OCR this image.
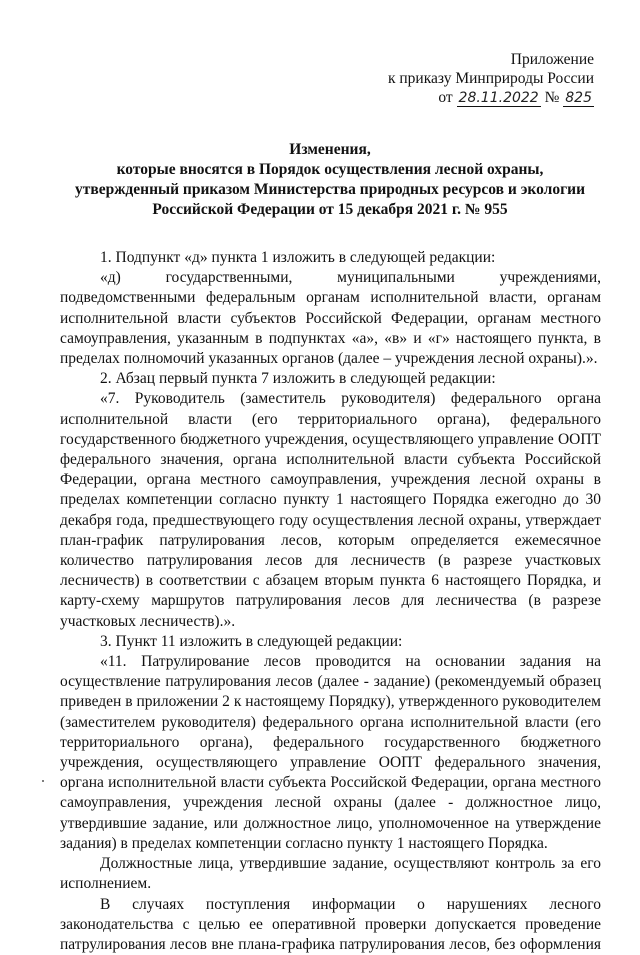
Приложение
к приказу Минприроды России
от 28.11.2022 № 825
Изменения,
которые вносятся в Порядок осуществления лесной охраны,
утвержденный приказом Министерства природных ресурсов и экологии
Российской Федерации от 15 декабря 2021 г. № 955

1. Подпункт «д» пункта 1 изложить в следующей редакции:

«д) государственными, муниципальными учреждениями, подведомственными федеральным органам исполнительной власти, органам исполнительной власти субъектов Российской Федерации, органам местного самоуправления, указанным в подпунктах «а», «в» и «г» настоящего пункта, в пределах полномочий указанных органов (далее – учреждения лесной охраны).».

2. Абзац первый пункта 7 изложить в следующей редакции:

«7. Руководитель (заместитель руководителя) федерального органа исполнительной власти (его территориального органа), федерального государственного бюджетного учреждения, осуществляющего управление ООПТ федерального значения, органа исполнительной власти субъекта Российской Федерации, органа местного самоуправления, учреждения лесной охраны в пределах компетенции согласно пункту 1 настоящего Порядка ежегодно до 30 декабря года, предшествующего году осуществления лесной охраны, утверждает план-график патрулирования лесов, которым определяется ежемесячное количество патрулирования лесов для лесничеств (в разрезе участковых лесничеств) в соответствии с абзацем вторым пункта 6 настоящего Порядка, и карту-схему маршрутов патрулирования лесов для лесничества (в разрезе участковых лесничеств).».

3. Пункт 11 изложить в следующей редакции:

«11. Патрулирование лесов проводится на основании задания на осуществление патрулирования лесов (далее - задание) (рекомендуемый образец приведен в приложении 2 к настоящему Порядку), утвержденного руководителем (заместителем руководителя) федерального органа исполнительной власти (его территориального органа), федерального государственного бюджетного учреждения, осуществляющего управление ООПТ федерального значения, органа исполнительной власти субъекта Российской Федерации, органа местного самоуправления, учреждения лесной охраны (далее - должностное лицо, утвердившие задание, или должностное лицо, уполномоченное на утверждение задания) в пределах компетенции согласно пункту 1 настоящего Порядка.

Должностные лица, утвердившие задание, осуществляют контроль за его исполнением.

В случаях поступления информации о нарушениях лесного законодательства с целью ее оперативной проверки допускается проведение патрулирования лесов вне плана-графика патрулирования лесов, без оформления
